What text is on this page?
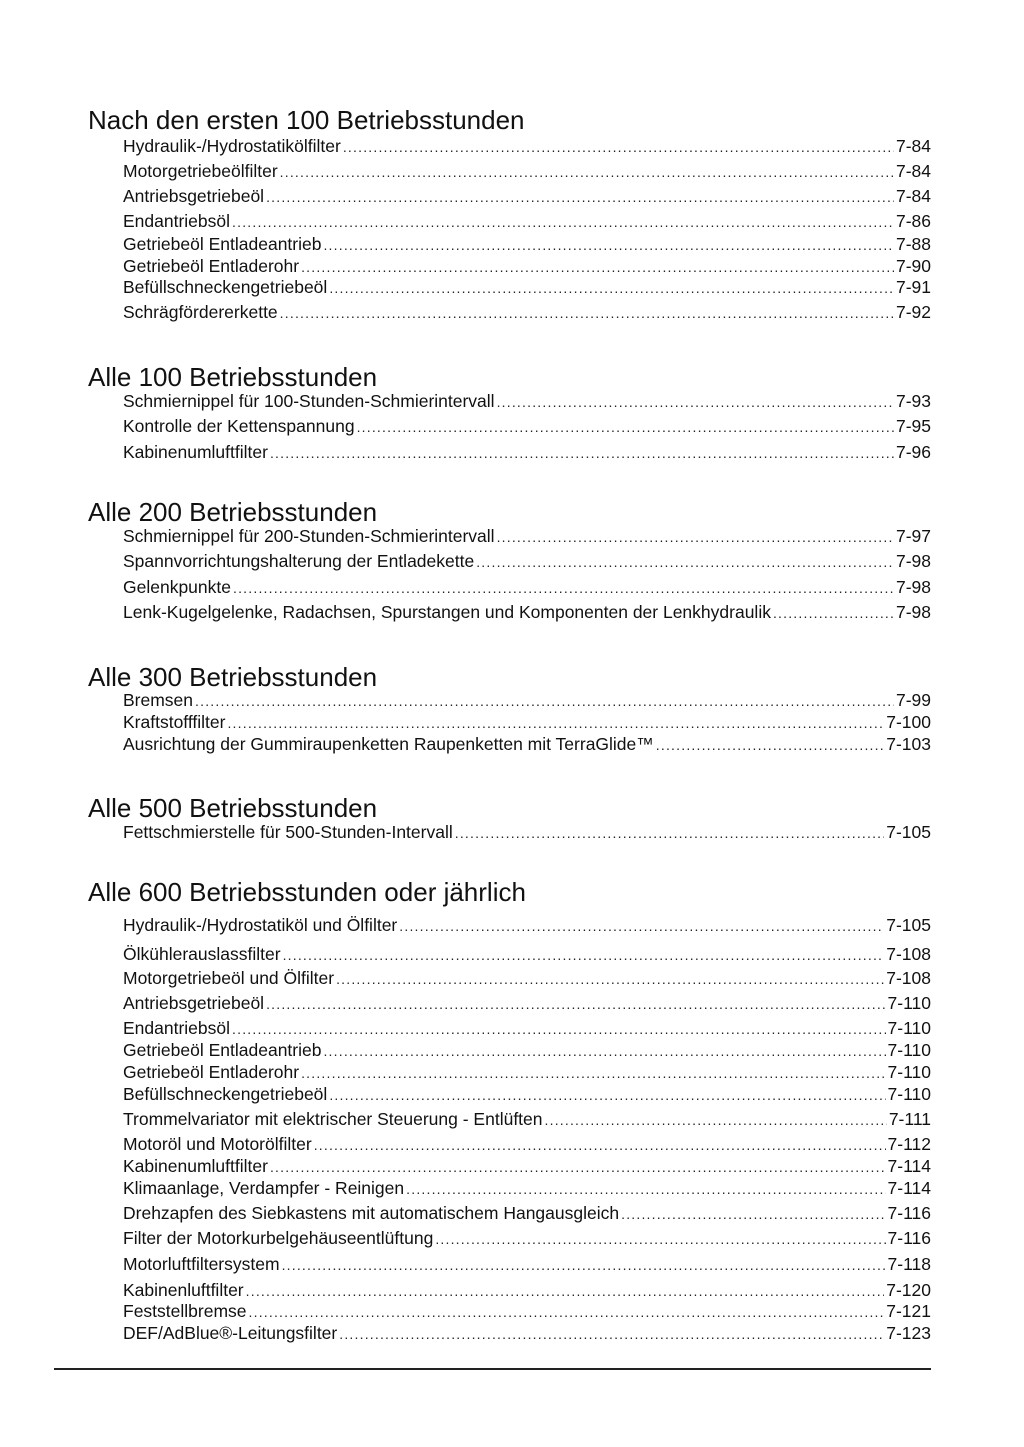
Nach den ersten 100 Betriebsstunden
Hydraulik-/Hydrostatikölfilter .....	7-84
Motorgetriebeölfilter .....	7-84
Antriebsgetriebeöl .....	7-84
Endantriebsöl .....	7-86
Getriebeöl Entladeantrieb .....	7-88
Getriebeöl Entladerohr .....	7-90
Befüllschneckengetriebeöl .....	7-91
Schrägfördererkette .....	7-92
Alle 100 Betriebsstunden
Schmiernippel für 100-Stunden-Schmierintervall .....	7-93
Kontrolle der Kettenspannung .....	7-95
Kabinenumluftfilter .....	7-96
Alle 200 Betriebsstunden
Schmiernippel für 200-Stunden-Schmierintervall .....	7-97
Spannvorrichtungshalterung der Entladekette .....	7-98
Gelenkpunkte .....	7-98
Lenk-Kugelgelenke, Radachsen, Spurstangen und Komponenten der Lenkhydraulik .....	7-98
Alle 300 Betriebsstunden
Bremsen .....	7-99
Kraftstofffilter .....	7-100
Ausrichtung der Gummiraupenketten Raupenketten mit TerraGlide™ .....	7-103
Alle 500 Betriebsstunden
Fettschmierstelle für 500-Stunden-Intervall .....	7-105
Alle 600 Betriebsstunden oder jährlich
Hydraulik-/Hydrostatiköl und Ölfilter .....	7-105
Ölkühlerauslassfilter .....	7-108
Motorgetriebeöl und Ölfilter .....	7-108
Antriebsgetriebeöl .....	7-110
Endantriebsöl .....	7-110
Getriebeöl Entladeantrieb .....	7-110
Getriebeöl Entladerohr .....	7-110
Befüllschneckengetriebeöl .....	7-110
Trommelvariator mit elektrischer Steuerung - Entlüften .....	7-111
Motoröl und Motorölfilter .....	7-112
Kabinenumluftfilter .....	7-114
Klimaanlage, Verdampfer - Reinigen .....	7-114
Drehzapfen des Siebkastens mit automatischem Hangausgleich .....	7-116
Filter der Motorkurbelgehäuseentlüftung .....	7-116
Motorluftfiltersystem .....	7-118
Kabinenluftfilter .....	7-120
Feststellbremse .....	7-121
DEF/AdBlue®-Leitungsfilter .....	7-123
